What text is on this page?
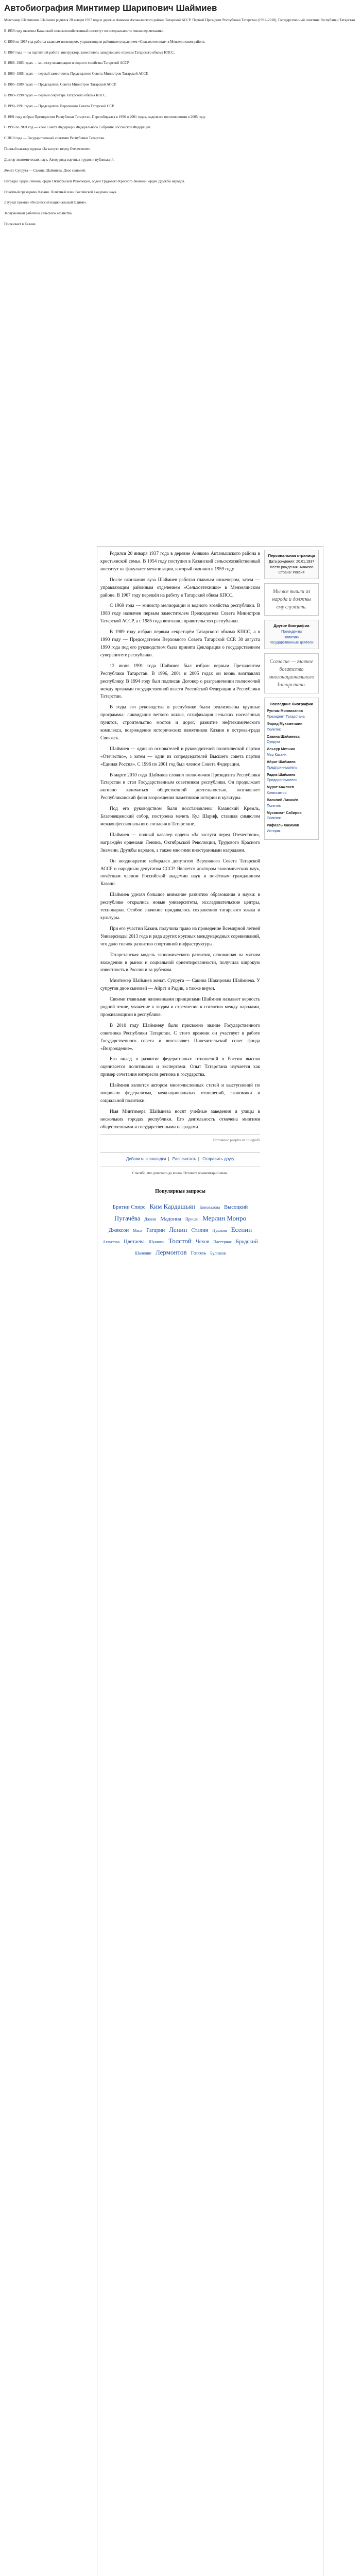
Автобиография Минтимер Шарипович Шаймиев

Минтимер Шарипович Шаймиев родился 20 января 1937 года в деревне Аняково Актанышского района Татарской АССР. Первый Президент Республики Татарстан (1991–2010), Государственный советник Республики Татарстан.

В 1959 году окончил Казанский сельскохозяйственный институт по специальности «инженер-механик».

С 1959 по 1967 год работал главным инженером, управляющим районным отделением «Сельхозтехники» в Мензелинском районе.

С 1967 года — на партийной работе: инструктор, заместитель заведующего отделом Татарского обкома КПСС.

В 1969–1983 годах — министр мелиорации и водного хозяйства Татарской АССР.

В 1983–1985 годах — первый заместитель Председателя Совета Министров Татарской АССР.

В 1985–1989 годах — Председатель Совета Министров Татарской АССР.

В 1989–1990 годах — первый секретарь Татарского обкома КПСС.

В 1990–1991 годах — Председатель Верховного Совета Татарской ССР.

В 1991 году избран Президентом Республики Татарстан. Переизбирался в 1996 и 2001 годах, наделялся полномочиями в 2005 году.

С 1996 по 2001 год — член Совета Федерации Федерального Собрания Российской Федерации.

С 2010 года — Государственный советник Республики Татарстан.

Полный кавалер ордена «За заслуги перед Отечеством».

Доктор экономических наук. Автор ряда научных трудов и публикаций.

Женат. Супруга — Сакина Шаймиева. Двое сыновей.

Награды: орден Ленина, орден Октябрьской Революции, орден Трудового Красного Знамени, орден Дружбы народов.

Почётный гражданин Казани. Почётный член Российской академии наук.

Лауреат премии «Российский национальный Олимп».

Заслуженный работник сельского хозяйства.

Проживает в Казани.

Родился 20 января 1937 года в деревне Аняково Актанышского района в крестьянской семье. В 1954 году поступил в Казанский сельскохозяйственный институт на факультет механизации, который окончил в 1959 году.

После окончания вуза Шаймиев работал главным инженером, затем — управляющим районным отделением «Сельхозтехники» в Мензелинском районе. В 1967 году перешёл на работу в Татарский обком КПСС.

С 1969 года — министр мелиорации и водного хозяйства республики. В 1983 году назначен первым заместителем Председателя Совета Министров Татарской АССР, а с 1985 года возглавил правительство республики.

В 1989 году избран первым секретарём Татарского обкома КПСС, а в 1990 году — Председателем Верховного Совета Татарской ССР. 30 августа 1990 года под его руководством была принята Декларация о государственном суверенитете республики.

12 июня 1991 года Шаймиев был избран первым Президентом Республики Татарстан. В 1996, 2001 и 2005 годах он вновь возглавлял республику. В 1994 году был подписан Договор о разграничении полномочий между органами государственной власти Российской Федерации и Республики Татарстан.

В годы его руководства в республике были реализованы крупные программы: ликвидация ветхого жилья, газификация сельских населённых пунктов, строительство мостов и дорог, развитие нефтехимического комплекса, возрождение исторических памятников Казани и острова-града Свияжск.

Шаймиев — один из основателей и руководителей политической партии «Отечество», а затем — один из сопредседателей Высшего совета партии «Единая Россия». С 1996 по 2001 год был членом Совета Федерации.

В марте 2010 года Шаймиев сложил полномочия Президента Республики Татарстан и стал Государственным советником республики. Он продолжает активно заниматься общественной деятельностью, возглавляет Республиканский фонд возрождения памятников истории и культуры.

Под его руководством были восстановлены Казанский Кремль, Благовещенский собор, построена мечеть Кул Шариф, ставшая символом межконфессионального согласия в Татарстане.

Шаймиев — полный кавалер ордена «За заслуги перед Отечеством», награждён орденами Ленина, Октябрьской Революции, Трудового Красного Знамени, Дружбы народов, а также многими иностранными наградами.

Он неоднократно избирался депутатом Верховного Совета Татарской АССР и народным депутатом СССР. Является доктором экономических наук, почётным членом Российской академии наук и почётным гражданином Казани.

Шаймиев уделял большое внимание развитию образования и науки: в республике открылись новые университеты, исследовательские центры, технопарки. Особое значение придавалось сохранению татарского языка и культуры.

При его участии Казань получила право на проведение Всемирной летней Универсиады 2013 года и ряда других крупных международных соревнований, что дало толчок развитию спортивной инфраструктуры.

Татарстанская модель экономического развития, основанная на мягком вхождении в рынок и социальной ориентированности, получила широкую известность в России и за рубежом.

Минтимер Шаймиев женат. Супруга — Сакина Шакировна Шаймиева. У супругов двое сыновей — Айрат и Радик, а также внуки.

Своими главными жизненными принципами Шаймиев называет верность родной земле, уважение к людям и стремление к согласию между народами, проживающими в республике.

В 2010 году Шаймиеву было присвоено звание Государственного советника Республики Татарстан. С этого времени он участвует в работе Государственного совета и возглавляет Попечительский совет фонда «Возрождение».

Его вклад в развитие федеративных отношений в России высоко оценивается политиками и экспертами. Опыт Татарстана изучается как пример сочетания интересов региона и государства.

Шаймиев является автором многочисленных статей и выступлений по вопросам федерализма, межнациональных отношений, экономики и социальной политики.

Имя Минтимера Шаймиева носят учебные заведения и улицы в нескольких городах республики. Его деятельность отмечена многими общественными и государственными наградами.

Источник: peoples.ru / biografii
Добавить в закладки | Распечатать | Отправить другу
Спасибо, что дочитали до конца. Оставьте комментарий ниже.
Популярные запросы
Бритни Спирс Ким Кардашьян Коновалова ВысоцкийПугачёва Джоли Мадонна Пресли Мерлин МонроДжексон Маск Гагарин Ленин Сталин Пушкин ЕсенинАхматова Цветаева Шукшин Толстой Чехов Пастернак БродскийШаляпин Лермонтов Гоголь Булгаков
Персональная страница
Дата рождения: 20.01.1937
Место рождения: Аняково
Страна: Россия
Мы все вышли из народа и должны ему служить.
Другие биографии
Президенты
Политики
Государственные деятели
Согласие — главное богатство многонационального Татарстана.
Последние биографии
Рустам Минниханов
Президент Татарстана
Фарид Мухаметшин
Политик
Сакина Шаймиева
Супруга
Ильсур Метшин
Мэр Казани
Айрат Шаймиев
Предприниматель
Радик Шаймиев
Предприниматель
Мурат Кажлаев
Композитор
Василий Лихачёв
Политик
Мухаммат Сабиров
Политик
Рафаэль Хакимов
Историк
